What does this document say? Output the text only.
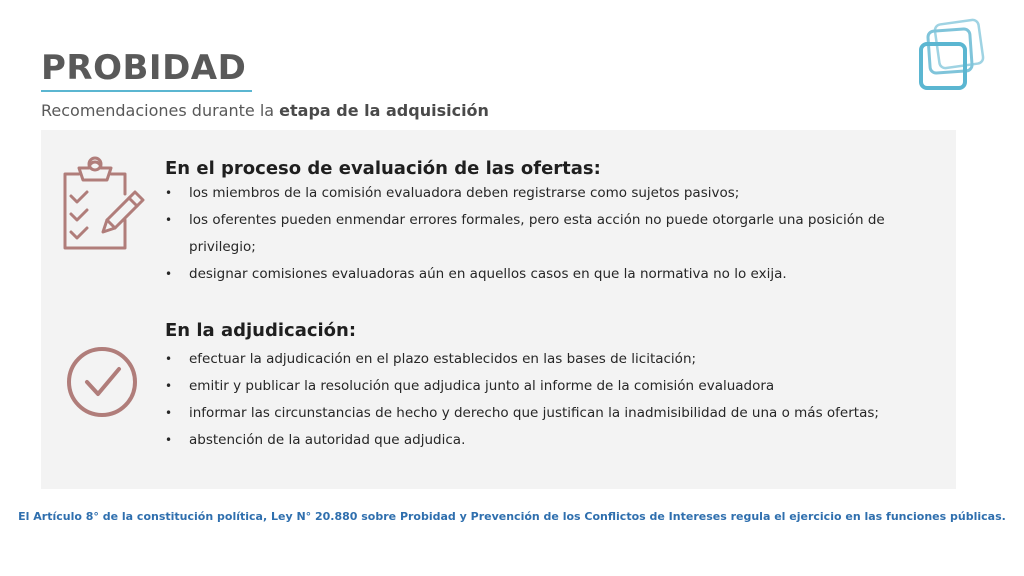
PROBIDAD
Recomendaciones durante la etapa de la adquisición
En el proceso de evaluación de las ofertas:
• los miembros de la comisión evaluadora deben registrarse como sujetos pasivos;
• los oferentes pueden enmendar errores formales, pero esta acción no puede otorgarle una posición de privilegio;
• designar comisiones evaluadoras aún en aquellos casos en que la normativa no lo exija.
En la adjudicación:
• efectuar la adjudicación en el plazo establecidos en las bases de licitación;
• emitir y publicar la resolución que adjudica junto al informe de la comisión evaluadora
• informar las circunstancias de hecho y derecho que justifican la inadmisibilidad de una o más ofertas;
• abstención de la autoridad que adjudica.
El Artículo 8° de la constitución política, Ley N° 20.880 sobre Probidad y Prevención de los Conflictos de Intereses regula el ejercicio en las funciones públicas.
